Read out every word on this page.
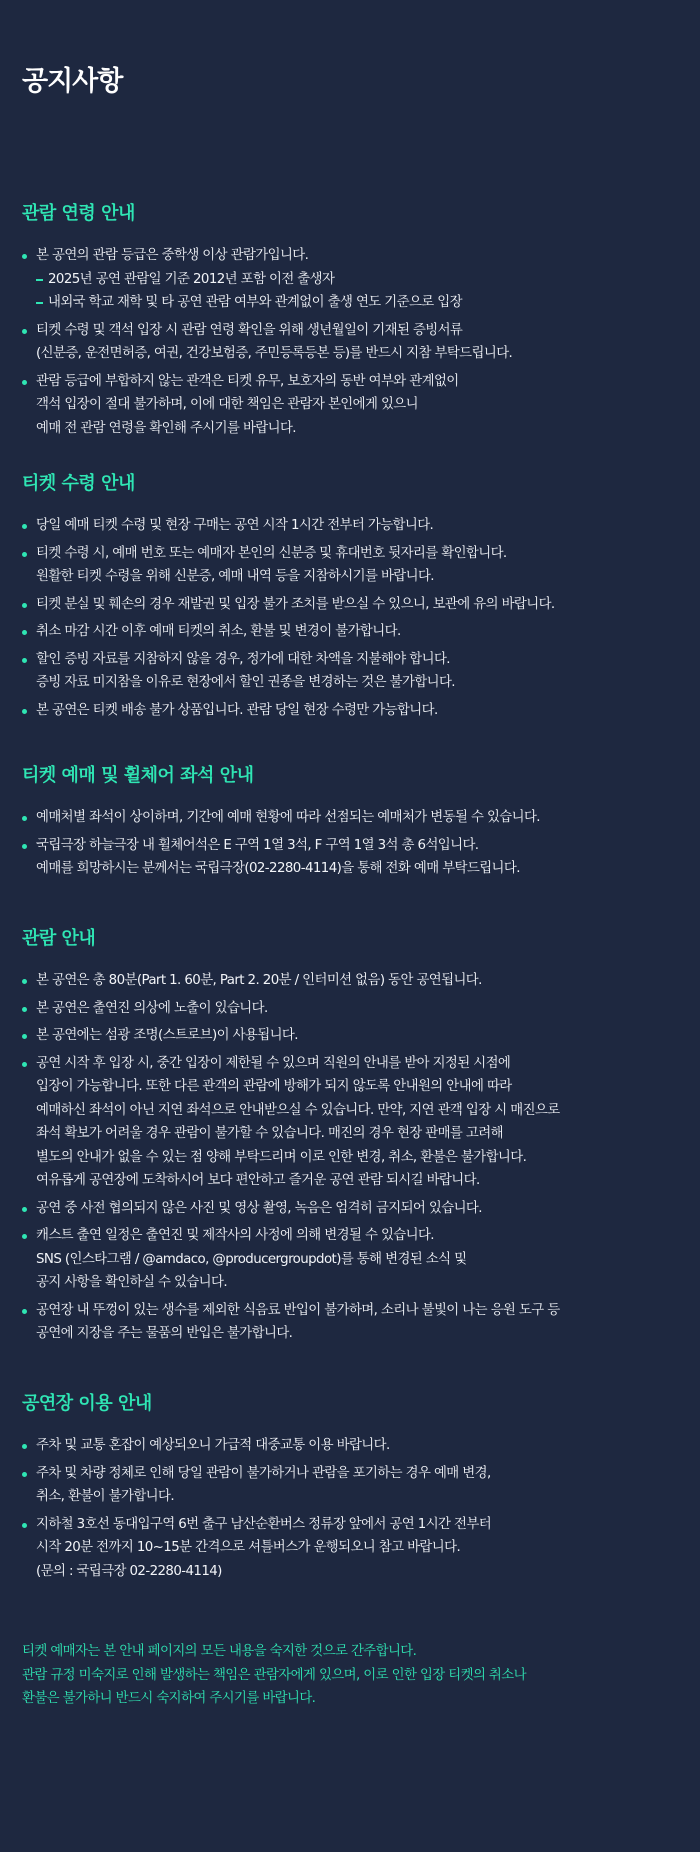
공지사항
관람 연령 안내
본 공연의 관람 등급은 중학생 이상 관람가입니다.
2025년 공연 관람일 기준 2012년 포함 이전 출생자
내외국 학교 재학 및 타 공연 관람 여부와 관계없이 출생 연도 기준으로 입장
티켓 수령 및 객석 입장 시 관람 연령 확인을 위해 생년월일이 기재된 증빙서류
(신분증, 운전면허증, 여권, 건강보험증, 주민등록등본 등)를 반드시 지참 부탁드립니다.
관람 등급에 부합하지 않는 관객은 티켓 유무, 보호자의 동반 여부와 관계없이
객석 입장이 절대 불가하며, 이에 대한 책임은 관람자 본인에게 있으니
예매 전 관람 연령을 확인해 주시기를 바랍니다.
티켓 수령 안내
당일 예매 티켓 수령 및 현장 구매는 공연 시작 1시간 전부터 가능합니다.
티켓 수령 시, 예매 번호 또는 예매자 본인의 신분증 및 휴대번호 뒷자리를 확인합니다.
원활한 티켓 수령을 위해 신분증, 예매 내역 등을 지참하시기를 바랍니다.
티켓 분실 및 훼손의 경우 재발권 및 입장 불가 조치를 받으실 수 있으니, 보관에 유의 바랍니다.
취소 마감 시간 이후 예매 티켓의 취소, 환불 및 변경이 불가합니다.
할인 증빙 자료를 지참하지 않을 경우, 정가에 대한 차액을 지불해야 합니다.
증빙 자료 미지참을 이유로 현장에서 할인 권종을 변경하는 것은 불가합니다.
본 공연은 티켓 배송 불가 상품입니다. 관람 당일 현장 수령만 가능합니다.
티켓 예매 및 휠체어 좌석 안내
예매처별 좌석이 상이하며, 기간에 예매 현황에 따라 선점되는 예매처가 변동될 수 있습니다.
국립극장 하늘극장 내 휠체어석은 E 구역 1열 3석, F 구역 1열 3석 총 6석입니다.
예매를 희망하시는 분께서는 국립극장(02-2280-4114)을 통해 전화 예매 부탁드립니다.
관람 안내
본 공연은 총 80분(Part 1. 60분, Part 2. 20분 / 인터미션 없음) 동안 공연됩니다.
본 공연은 출연진 의상에 노출이 있습니다.
본 공연에는 섬광 조명(스트로브)이 사용됩니다.
공연 시작 후 입장 시, 중간 입장이 제한될 수 있으며 직원의 안내를 받아 지정된 시점에
입장이 가능합니다. 또한 다른 관객의 관람에 방해가 되지 않도록 안내원의 안내에 따라
예매하신 좌석이 아닌 지연 좌석으로 안내받으실 수 있습니다. 만약, 지연 관객 입장 시 매진으로
좌석 확보가 어려울 경우 관람이 불가할 수 있습니다. 매진의 경우 현장 판매를 고려해
별도의 안내가 없을 수 있는 점 양해 부탁드리며 이로 인한 변경, 취소, 환불은 불가합니다.
여유롭게 공연장에 도착하시어 보다 편안하고 즐거운 공연 관람 되시길 바랍니다.
공연 중 사전 협의되지 않은 사진 및 영상 촬영, 녹음은 엄격히 금지되어 있습니다.
캐스트 출연 일정은 출연진 및 제작사의 사정에 의해 변경될 수 있습니다.
SNS (인스타그램 / @amdaco, @producergroupdot)를 통해 변경된 소식 및
공지 사항을 확인하실 수 있습니다.
공연장 내 뚜껑이 있는 생수를 제외한 식음료 반입이 불가하며, 소리나 불빛이 나는 응원 도구 등
공연에 지장을 주는 물품의 반입은 불가합니다.
공연장 이용 안내
주차 및 교통 혼잡이 예상되오니 가급적 대중교통 이용 바랍니다.
주차 및 차량 정체로 인해 당일 관람이 불가하거나 관람을 포기하는 경우 예매 변경,
취소, 환불이 불가합니다.
지하철 3호선 동대입구역 6번 출구 남산순환버스 정류장 앞에서 공연 1시간 전부터
시작 20분 전까지 10~15분 간격으로 셔틀버스가 운행되오니 참고 바랍니다.
(문의 : 국립극장 02-2280-4114)
티켓 예매자는 본 안내 페이지의 모든 내용을 숙지한 것으로 간주합니다.
관람 규정 미숙지로 인해 발생하는 책임은 관람자에게 있으며, 이로 인한 입장 티켓의 취소나
환불은 불가하니 반드시 숙지하여 주시기를 바랍니다.
